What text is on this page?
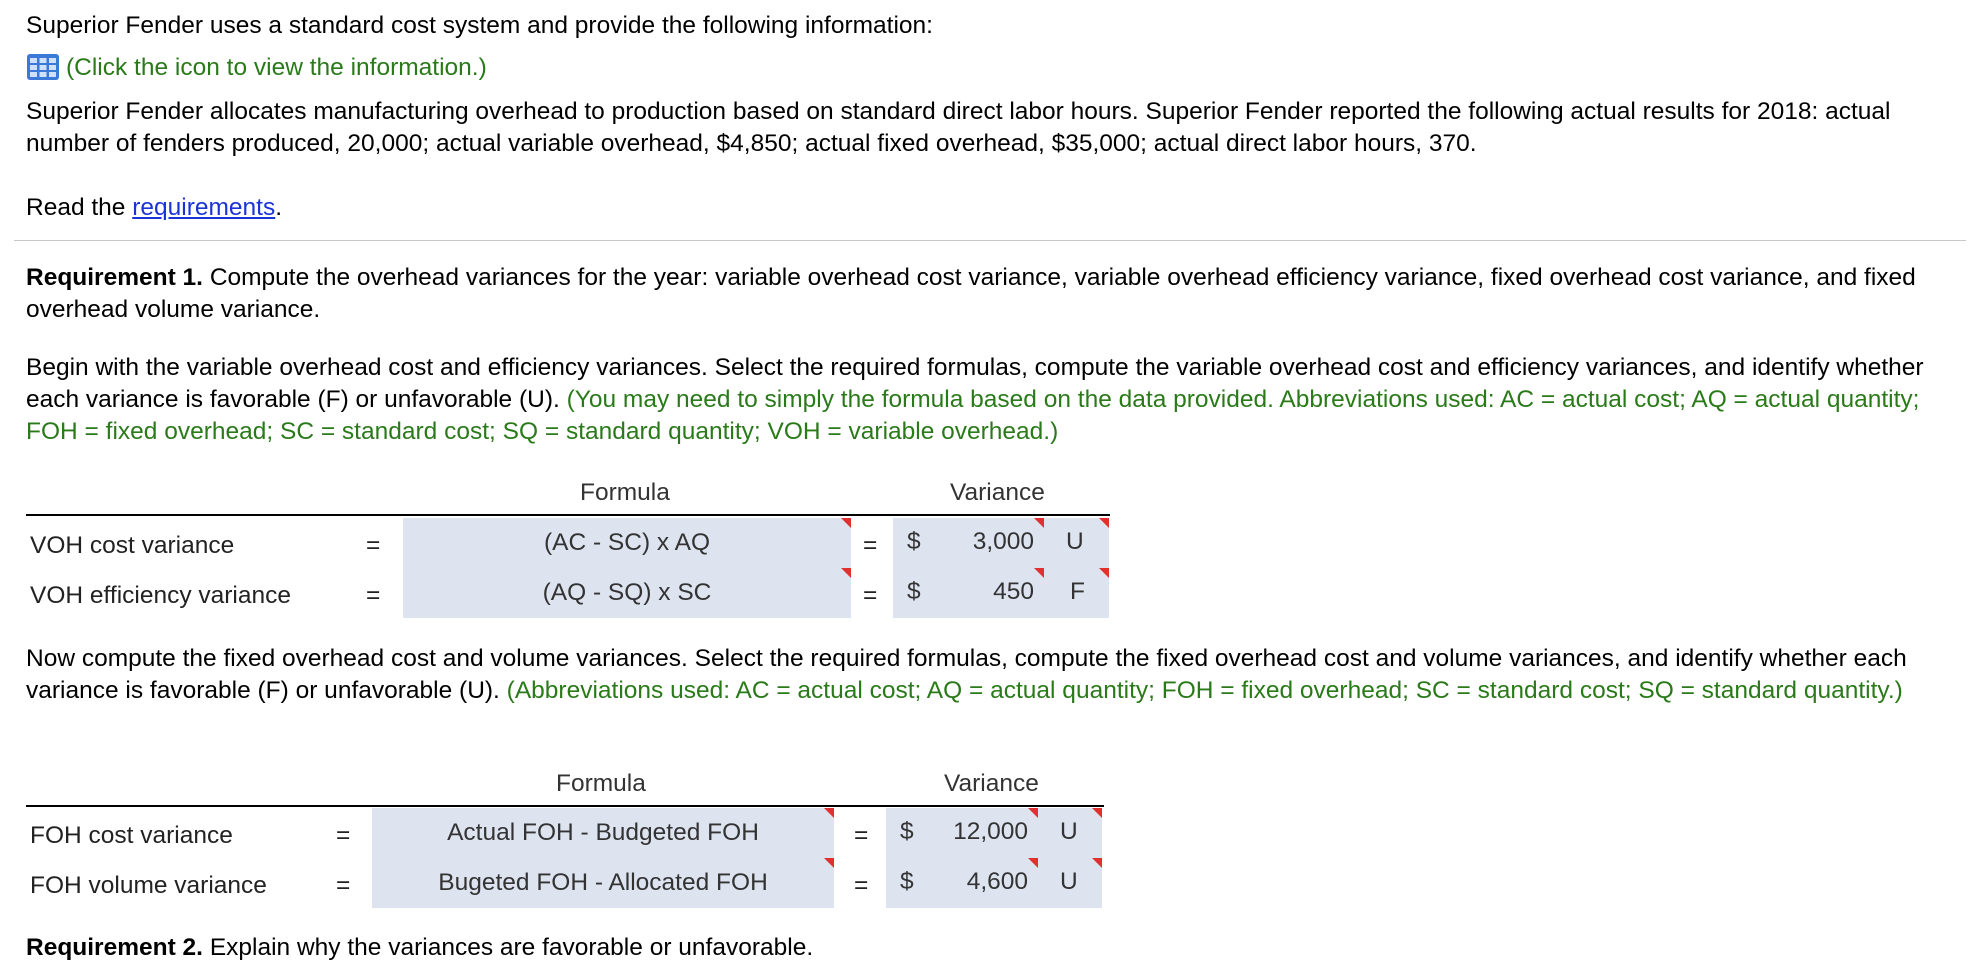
Superior Fender uses a standard cost system and provide the following information:

(Click the icon to view the information.)

Superior Fender allocates manufacturing overhead to production based on standard direct labor hours. Superior Fender reported the following actual results for 2018: actual number of fenders produced, 20,000; actual variable overhead, $4,850; actual fixed overhead, $35,000; actual direct labor hours, 370.

Read the requirements.

Requirement 1. Compute the overhead variances for the year: variable overhead cost variance, variable overhead efficiency variance, fixed overhead cost variance, and fixed overhead volume variance.

Begin with the variable overhead cost and efficiency variances. Select the required formulas, compute the variable overhead cost and efficiency variances, and identify whether each variance is favorable (F) or unfavorable (U). (You may need to simply the formula based on the data provided. Abbreviations used: AC = actual cost; AQ = actual quantity; FOH = fixed overhead; SC = standard cost; SQ = standard quantity; VOH = variable overhead.)

Formula	Variance
VOH cost variance	=	(AC - SC) x AQ	= $	3,000 U
VOH efficiency variance	=	(AQ - SQ) x SC	= $	450 F

Now compute the fixed overhead cost and volume variances. Select the required formulas, compute the fixed overhead cost and volume variances, and identify whether each variance is favorable (F) or unfavorable (U). (Abbreviations used: AC = actual cost; AQ = actual quantity; FOH = fixed overhead; SC = standard cost; SQ = standard quantity.)

Formula	Variance
FOH cost variance	=	Actual FOH - Budgeted FOH	= $	12,000 U
FOH volume variance	=	Bugeted FOH - Allocated FOH	= $	4,600 U

Requirement 2. Explain why the variances are favorable or unfavorable.
